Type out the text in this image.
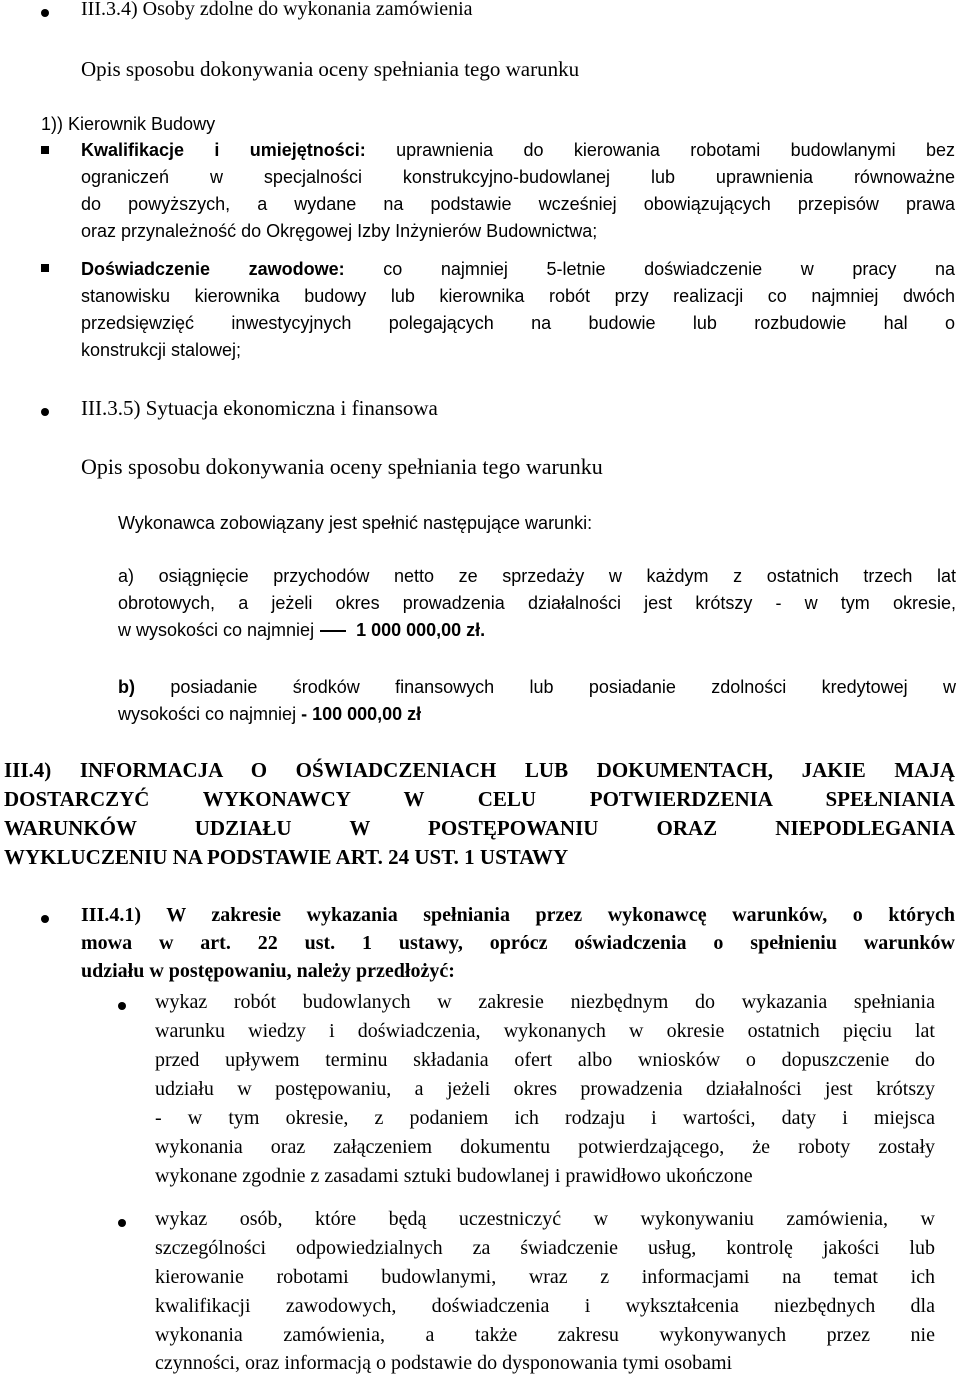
III.3.4) Osoby zdolne do wykonania zamówienia
Opis sposobu dokonywania oceny spełniania tego warunku
1)) Kierownik Budowy
Kwalifikacje i umiejętności: uprawnienia do kierowania robotami budowlanymi bez
ograniczeń w specjalności konstrukcyjno-budowlanej lub uprawnienia równoważne
do powyższych, a wydane na podstawie wcześniej obowiązujących przepisów prawa
oraz przynależność do Okręgowej Izby Inżynierów Budownictwa;
Doświadczenie zawodowe: co najmniej 5-letnie doświadczenie w pracy na
stanowisku kierownika budowy lub kierownika robót przy realizacji co najmniej dwóch
przedsięwzięć inwestycyjnych polegających na budowie lub rozbudowie hal o
konstrukcji stalowej;
III.3.5) Sytuacja ekonomiczna i finansowa
Opis sposobu dokonywania oceny spełniania tego warunku
Wykonawca zobowiązany jest spełnić następujące warunki:
a) osiągnięcie przychodów netto ze sprzedaży w każdym z ostatnich trzech lat
obrotowych, a jeżeli okres prowadzenia działalności jest krótszy - w tym okresie,
w wysokości co najmniej 1 000 000,00 zł.
b) posiadanie środków finansowych lub posiadanie zdolności kredytowej w
wysokości co najmniej - 100 000,00 zł
III.4) INFORMACJA O OŚWIADCZENIACH LUB DOKUMENTACH, JAKIE MAJĄ
DOSTARCZYĆ WYKONAWCY W CELU POTWIERDZENIA SPEŁNIANIA
WARUNKÓW UDZIAŁU W POSTĘPOWANIU ORAZ NIEPODLEGANIA
WYKLUCZENIU NA PODSTAWIE ART. 24 UST. 1 USTAWY
III.4.1) W zakresie wykazania spełniania przez wykonawcę warunków, o których
mowa w art. 22 ust. 1 ustawy, oprócz oświadczenia o spełnieniu warunków
udziału w postępowaniu, należy przedłożyć:
wykaz robót budowlanych w zakresie niezbędnym do wykazania spełniania
warunku wiedzy i doświadczenia, wykonanych w okresie ostatnich pięciu lat
przed upływem terminu składania ofert albo wniosków o dopuszczenie do
udziału w postępowaniu, a jeżeli okres prowadzenia działalności jest krótszy
- w tym okresie, z podaniem ich rodzaju i wartości, daty i miejsca
wykonania oraz załączeniem dokumentu potwierdzającego, że roboty zostały
wykonane zgodnie z zasadami sztuki budowlanej i prawidłowo ukończone
wykaz osób, które będą uczestniczyć w wykonywaniu zamówienia, w
szczególności odpowiedzialnych za świadczenie usług, kontrolę jakości lub
kierowanie robotami budowlanymi, wraz z informacjami na temat ich
kwalifikacji zawodowych, doświadczenia i wykształcenia niezbędnych dla
wykonania zamówienia, a także zakresu wykonywanych przez nie
czynności, oraz informacją o podstawie do dysponowania tymi osobami
